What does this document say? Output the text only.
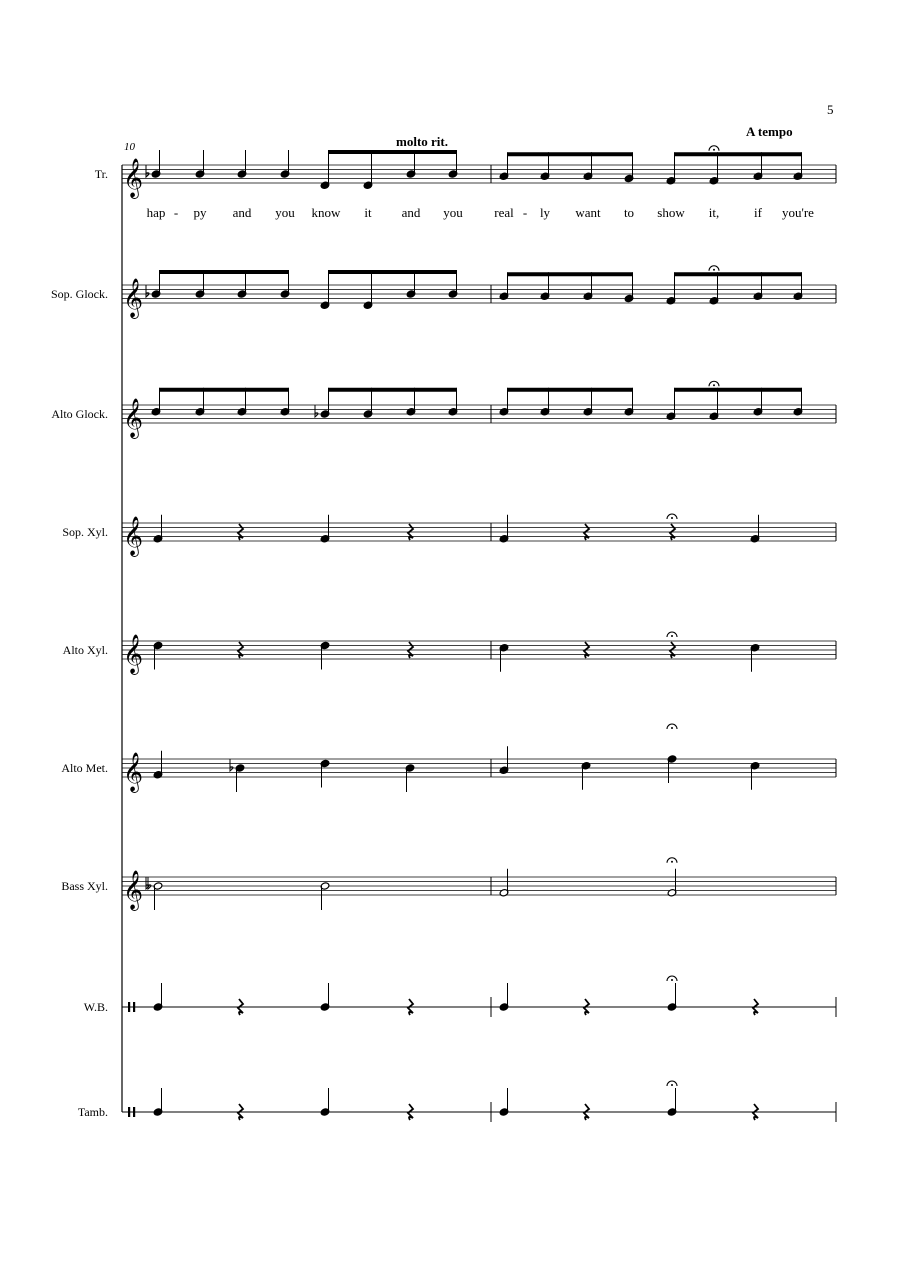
5
10	molto rit.
A tempo
Tr. 𝄞
hap - py and you know it and you real - ly want to show it,	if you're
Sop. Glock. 𝄞
Alto Glock. 𝄞
Sop. Xyl. 𝄞
Alto Xyl. 𝄞
Alto Met. 𝄞
Bass Xyl. 𝄞
W.B.
Tamb.
